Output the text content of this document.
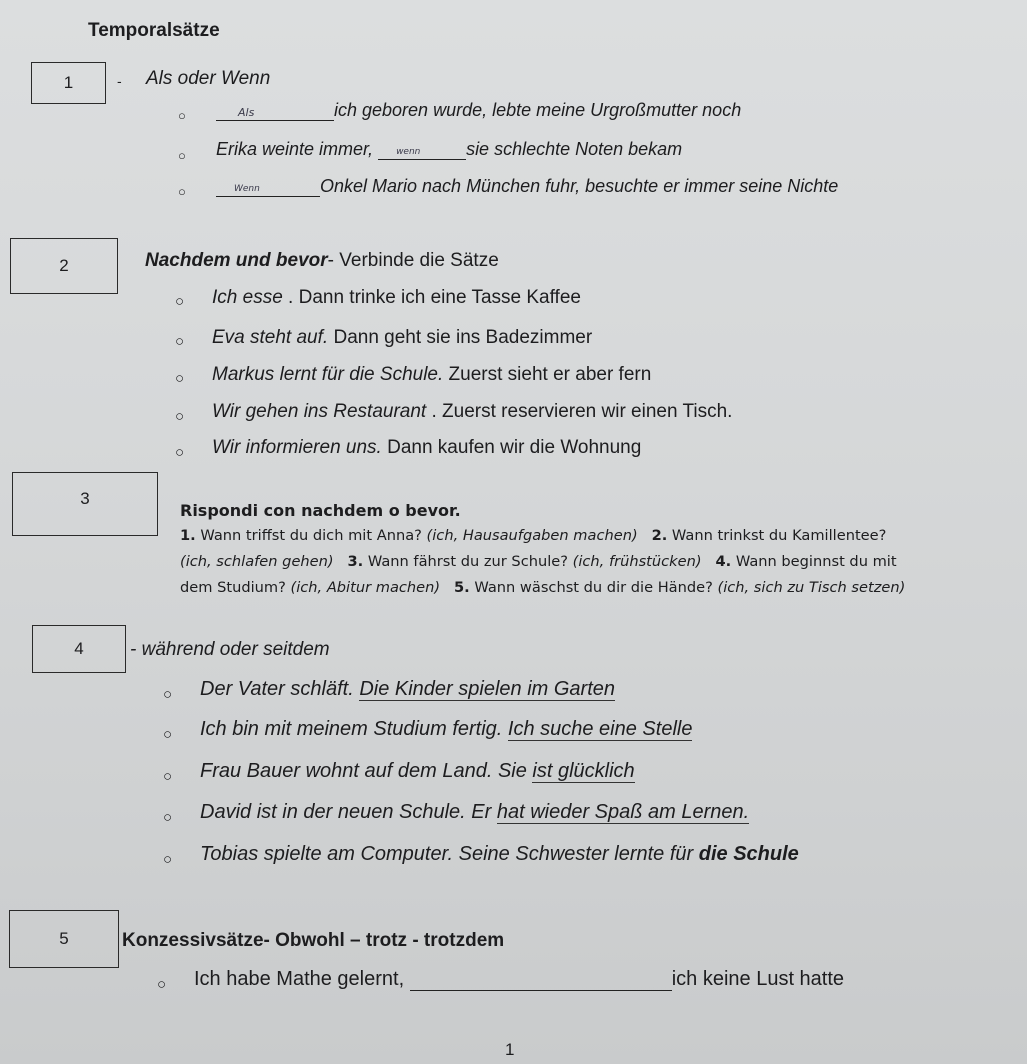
Temporalsätze
1	- Als oder Wenn
○	Als	ich geboren wurde, lebte meine Urgroßmutter noch
○ Erika weinte immer,	wenn	sie schlechte Noten bekam
○	Wenn	Onkel Mario nach München fuhr, besuchte er immer seine Nichte
2	Nachdem und bevor- Verbinde die Sätze
○ Ich esse . Dann trinke ich eine Tasse Kaffee
○ Eva steht auf. Dann geht sie ins Badezimmer
○ Markus lernt für die Schule. Zuerst sieht er aber fern
○ Wir gehen ins Restaurant . Zuerst reservieren wir einen Tisch.
○ Wir informieren uns. Dann kaufen wir die Wohnung
3
Rispondi con nachdem o bevor.
1. Wann triffst du dich mit Anna? (ich, Hausaufgaben machen) 2. Wann trinkst du Kamillentee?
(ich, schlafen gehen) 3. Wann fährst du zur Schule? (ich, frühstücken) 4. Wann beginnst du mit
dem Studium? (ich, Abitur machen) 5. Wann wäschst du dir die Hände? (ich, sich zu Tisch setzen)
4 - während oder seitdem
○ Der Vater schläft. Die Kinder spielen im Garten
○ Ich bin mit meinem Studium fertig. Ich suche eine Stelle
○ Frau Bauer wohnt auf dem Land. Sie ist glücklich
○ David ist in der neuen Schule. Er hat wieder Spaß am Lernen.
○ Tobias spielte am Computer. Seine Schwester lernte für die Schule
5	Konzessivsätze- Obwohl – trotz - trotzdem
○ Ich habe Mathe gelernt,	ich keine Lust hatte
1
